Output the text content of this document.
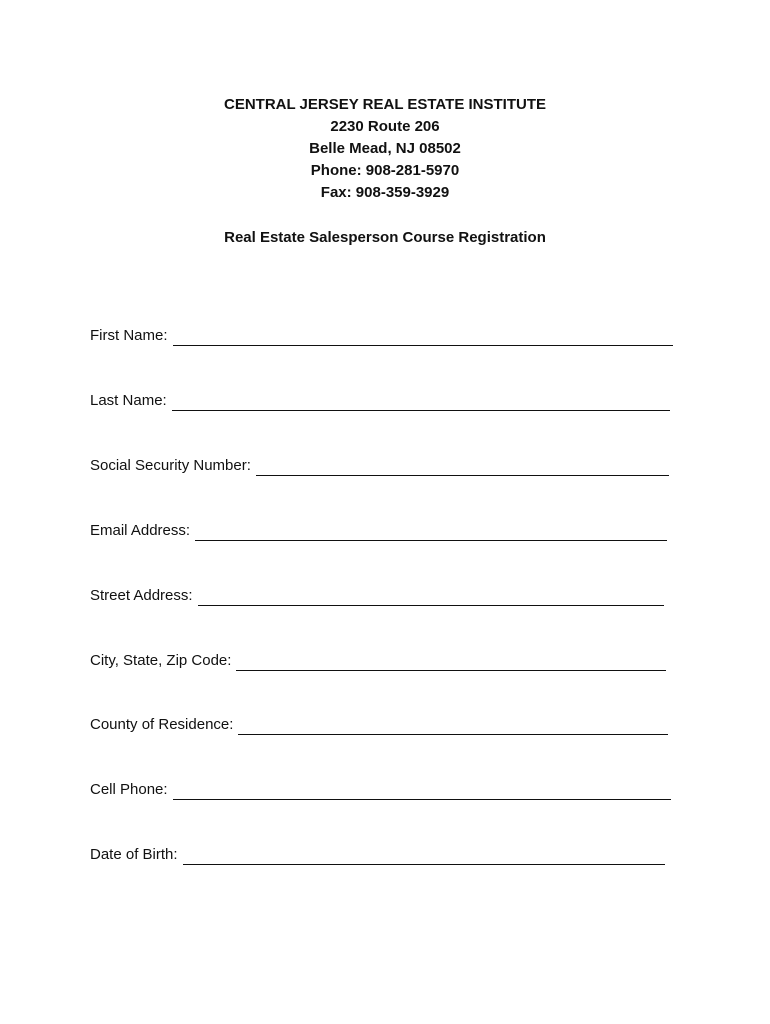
CENTRAL JERSEY REAL ESTATE INSTITUTE
2230 Route 206
Belle Mead, NJ 08502
Phone: 908-281-5970
Fax: 908-359-3929
Real Estate Salesperson Course Registration
First Name:
Last Name:
Social Security Number:
Email Address:
Street Address:
City, State, Zip Code:
County of Residence:
Cell Phone:
Date of Birth:
